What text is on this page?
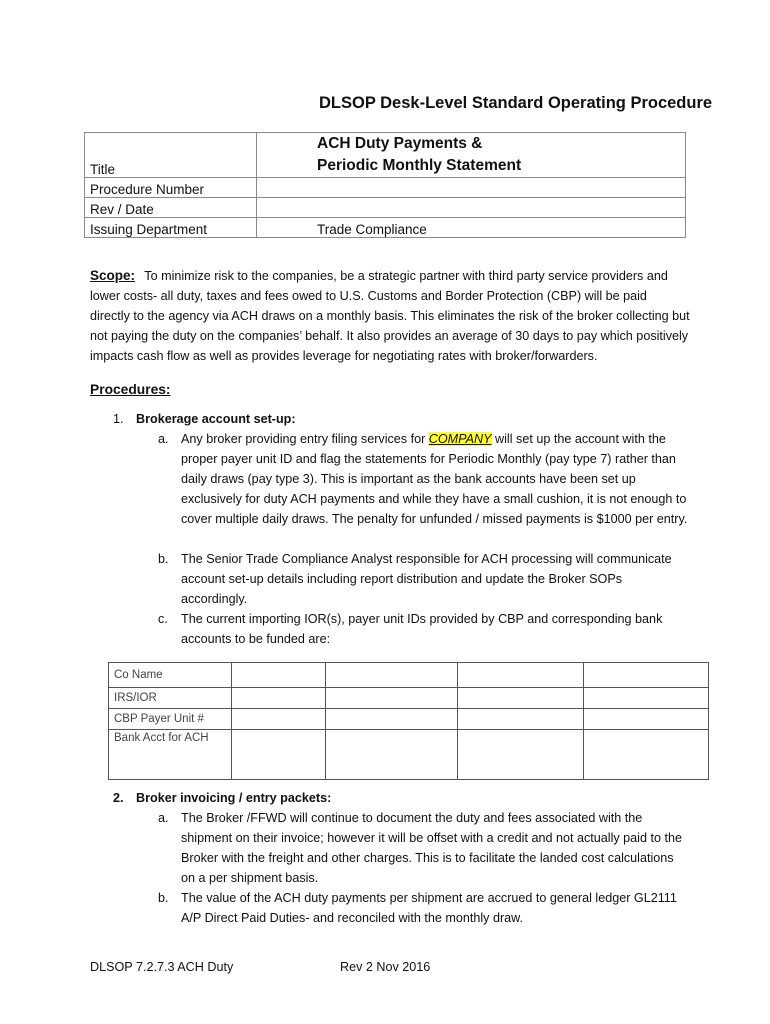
DLSOP Desk-Level Standard Operating Procedure
Title	ACH Duty Payments &
Periodic Monthly Statement

Procedure Number	
Rev / Date	
Issuing Department	Trade Compliance
Scope: To minimize risk to the companies, be a strategic partner with third party service providers and lower costs- all duty, taxes and fees owed to U.S. Customs and Border Protection (CBP) will be paid directly to the agency via ACH draws on a monthly basis. This eliminates the risk of the broker collecting but not paying the duty on the companies’ behalf. It also provides an average of 30 days to pay which positively impacts cash flow as well as provides leverage for negotiating rates with broker/forwarders.
Procedures:
1. Brokerage account set-up:
a. Any broker providing entry filing services for COMPANY will set up the account with the proper payer unit ID and flag the statements for Periodic Monthly (pay type 7) rather than daily draws (pay type 3). This is important as the bank accounts have been set up exclusively for duty ACH payments and while they have a small cushion, it is not enough to cover multiple daily draws. The penalty for unfunded / missed payments is $1000 per entry.
b. The Senior Trade Compliance Analyst responsible for ACH processing will communicate account set-up details including report distribution and update the Broker SOPs accordingly.
c. The current importing IOR(s), payer unit IDs provided by CBP and corresponding bank accounts to be funded are:
Co Name				
IRS/IOR				
CBP Payer Unit #				
Bank Acct for ACH				
2. Broker invoicing / entry packets:
a. The Broker /FFWD will continue to document the duty and fees associated with the shipment on their invoice; however it will be offset with a credit and not actually paid to the Broker with the freight and other charges. This is to facilitate the landed cost calculations on a per shipment basis.
b. The value of the ACH duty payments per shipment are accrued to general ledger GL2111 A/P Direct Paid Duties- and reconciled with the monthly draw.
DLSOP 7.2.7.3 ACH Duty	Rev 2 Nov 2016
